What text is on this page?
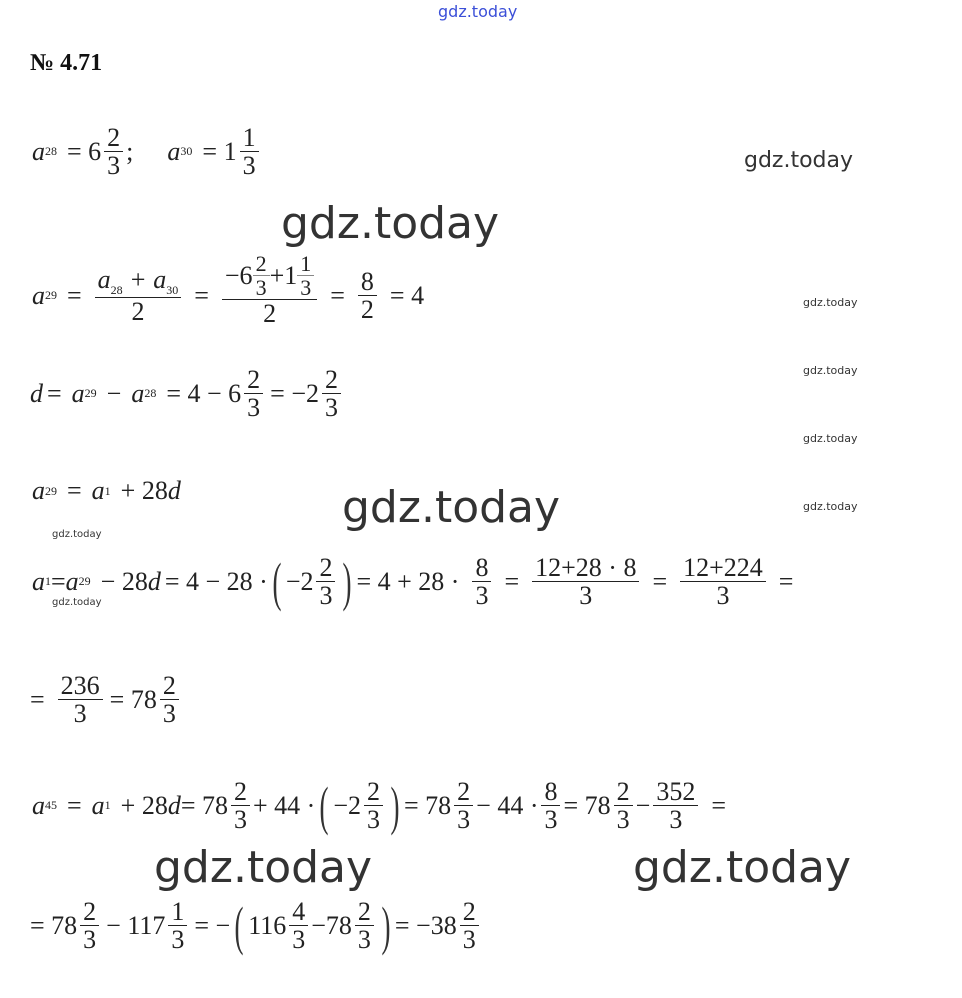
gdz.today
gdz.today
gdz.today
gdz.today
gdz.today
gdz.today
gdz.today
gdz.today
gdz.today
gdz.today
gdz.today	gdz.today
№ 4.71
a $28 = 6 \frac{2}{3}$ ; a $30 = 1 \frac{1}{3}$
a $29 = \frac{a_{28} + a_{30}}{2} = \frac{-6 \frac{2}{3} +1 \frac{1}{3}}{2} = \frac{8}{2} = 4$
d = a 29 − a $28 = 4 - 6 \frac{2}{3} = -2 \frac{2}{3}$
a 29 = a 1 + 28 d
a 1 = a 29 − 28 d = 4 − 28 · ( $-2 \frac{2}{3}$ ) = $4 + 28 \cdot \frac{8}{3} = \frac{12+28 \cdot 8}{3} = \frac{12+224}{3}$ =
= $\frac{236}{3} = 78 \frac{2}{3}$
a 45 = a 1 + 28 $d = 78 \frac{2}{3} + 44$ · ( $-2 \frac{2}{3}$ ) = $78 \frac{2}{3} - 44 \cdot \frac{8}{3} = 78 \frac{2}{3} - \frac{352}{3}$ =
= $78 \frac{2}{3} - 117 \frac{1}{3}$ = − ( $116 \frac{4}{3} -78 \frac{2}{3}$ ) = $-38 \frac{2}{3}$
